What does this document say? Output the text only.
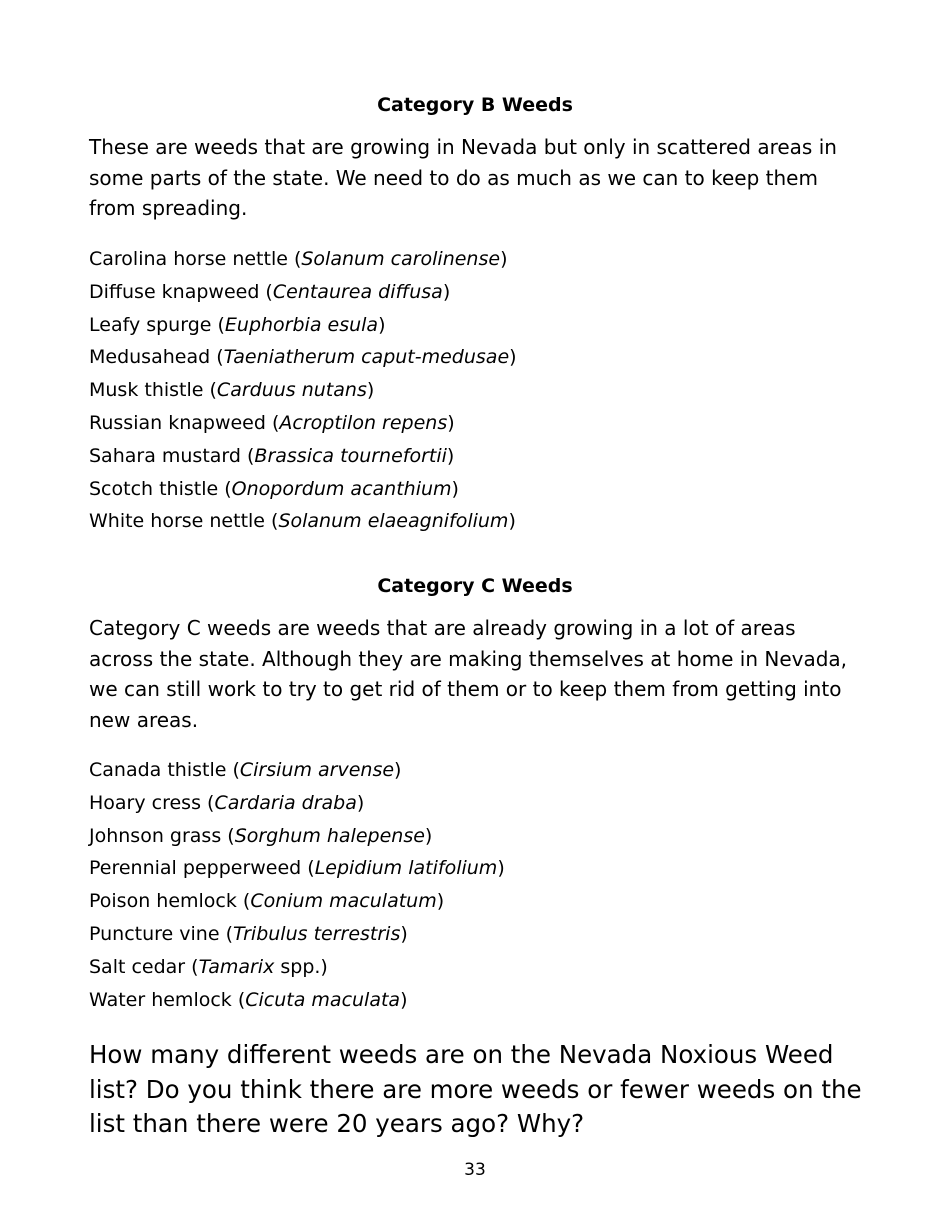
Category B Weeds
These are weeds that are growing in Nevada but only in scattered areas in some parts of the state. We need to do as much as we can to keep them from spreading.
Carolina horse nettle (Solanum carolinense)
Diffuse knapweed (Centaurea diffusa)
Leafy spurge (Euphorbia esula)
Medusahead (Taeniatherum caput-medusae)
Musk thistle (Carduus nutans)
Russian knapweed (Acroptilon repens)
Sahara mustard (Brassica tournefortii)
Scotch thistle (Onopordum acanthium)
White horse nettle (Solanum elaeagnifolium)
Category C Weeds
Category C weeds are weeds that are already growing in a lot of areas across the state. Although they are making themselves at home in Nevada, we can still work to try to get rid of them or to keep them from getting into new areas.
Canada thistle (Cirsium arvense)
Hoary cress (Cardaria draba)
Johnson grass (Sorghum halepense)
Perennial pepperweed (Lepidium latifolium)
Poison hemlock (Conium maculatum)
Puncture vine (Tribulus terrestris)
Salt cedar (Tamarix spp.)
Water hemlock (Cicuta maculata)
How many different weeds are on the Nevada Noxious Weed list? Do you think there are more weeds or fewer weeds on the list than there were 20 years ago? Why?
33
